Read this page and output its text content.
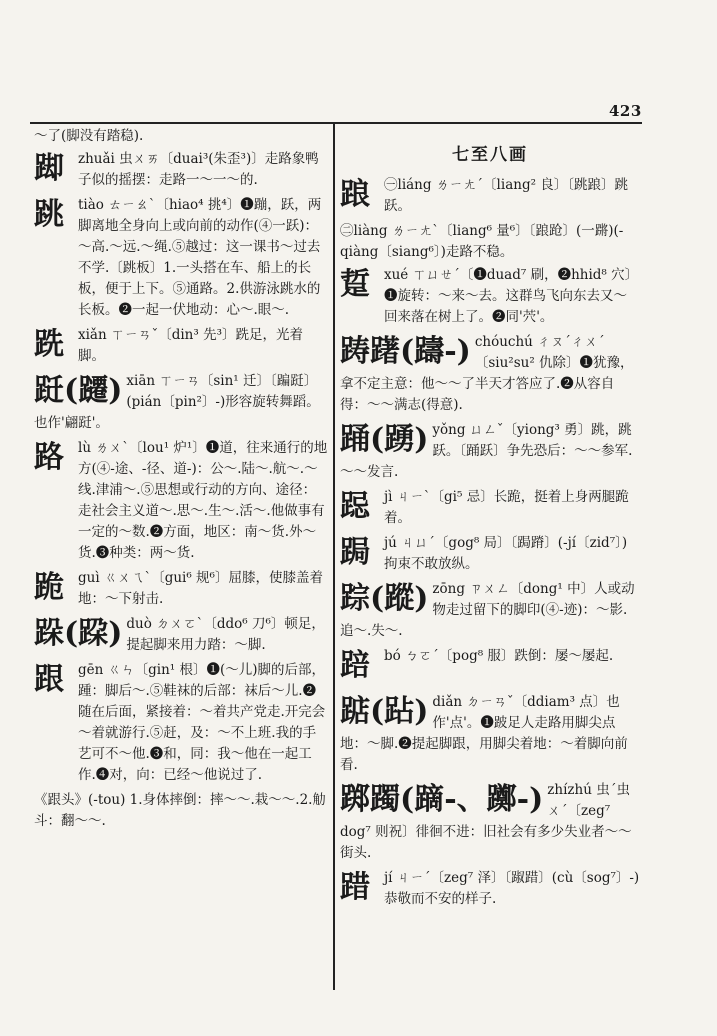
423
～了(脚没有踏稳).
踋 zhuǎi 虫ㄨㄞ〔duai³(朱歪³)〕走路象鸭子似的摇摆：走路一～一～的.
跳 tiào ㄊㄧㄠˋ〔hiao⁴ 挑⁴〕❶蹦，跃，两脚离地全身向上或向前的动作(④一跃)：～高.～远.～绳.⑤越过：这一课书～过去不学.〔跳板〕1.一头搭在车、船上的长板，便于上下。⑤通路。2.供游泳跳水的长板。❷一起一伏地动：心～.眼～.
跣 xiǎn ㄒㄧㄢˇ〔din³ 先³〕跣足，光着脚。
跹(躚) xiān ㄒㄧㄢ〔sin¹ 迁〕〔蹁跹〕(pián〔pin²〕-)形容旋转舞蹈。也作'翩跹'。
路 lù ㄌㄨˋ〔lou¹ 炉¹〕❶道，往来通行的地方(④-途、-径、道-)：公～.陆～.航～.～线.津浦～.⑤思想或行动的方向、途径：走社会主义道～.思～.生～.活～.他做事有一定的～数.❷方面，地区：南～货.外～货.❸种类：两～货.
跪 guì ㄍㄨㄟˋ〔gui⁶ 规⁶〕屈膝，使膝盖着地：～下射击.
跺(跥) duò ㄉㄨㄛˋ〔ddo⁶ 刀⁶〕顿足，提起脚来用力踏：～脚.
跟 gēn ㄍㄣ〔gin¹ 根〕❶(～儿)脚的后部，踵：脚后～.⑤鞋袜的后部：袜后～儿.❷随在后面，紧接着：～着共产党走.开完会～着就游行.⑤赶，及：～不上班.我的手艺可不～他.❸和，同：我～他在一起工作.❹对，向：已经～他说过了.
《跟头》(-tou) 1.身体摔倒：摔～～.栽～～.2.觔斗：翻～～.
七至八画
踉 ㊀liáng ㄌㄧㄤˊ〔liang² 良〕〔跳踉〕跳跃。
㊁liàng ㄌㄧㄤˋ〔liang⁶ 量⁶〕〔踉跄〕(一蹡)(-qiàng〔siang⁶〕)走路不稳。
踅 xué ㄒㄩㄝˊ〔❶duad⁷ 刷，❷hhid⁸ 穴〕❶旋转：～来～去。这群鸟飞向东去又～回来落在树上了。❷同'茓'。
踌躇(躊-) chóuchú ㄔㄡˊㄔㄨˊ〔siu²su² 仇除〕❶犹豫，拿不定主意：他～～了半天才答应了.❷从容自得：～～满志(得意).
踊(踴) yǒng ㄩㄥˇ〔yiong³ 勇〕跳，跳跃。〔踊跃〕争先恐后：～～参军.～～发言.
跽 jì ㄐㄧˋ〔gi⁵ 忌〕长跪，挺着上身两腿跪着。
跼 jú ㄐㄩˊ〔gog⁸ 局〕〔跼蹐〕(-jí〔zid⁷〕)拘束不敢放纵。
踪(蹤) zōng ㄗㄨㄥ〔dong¹ 中〕人或动物走过留下的脚印(④-迹)：～影.追～.失～.
踣 bó ㄅㄛˊ〔pog⁸ 服〕跌倒：屡～屡起.
踮(跕) diǎn ㄉㄧㄢˇ〔ddiam³ 点〕也作'点'。❶跛足人走路用脚尖点地：～脚.❷提起脚跟，用脚尖着地：～着脚向前看.
踯躅(蹢-、躑-) zhízhú 虫ˊ虫ㄨˊ〔zeg⁷ dog⁷ 则祝〕徘徊不进：旧社会有多少失业者～～街头.
踖 jí ㄐㄧˊ〔zeg⁷ 泽〕〔踧踖〕(cù〔sog⁷〕-)恭敬而不安的样子.
